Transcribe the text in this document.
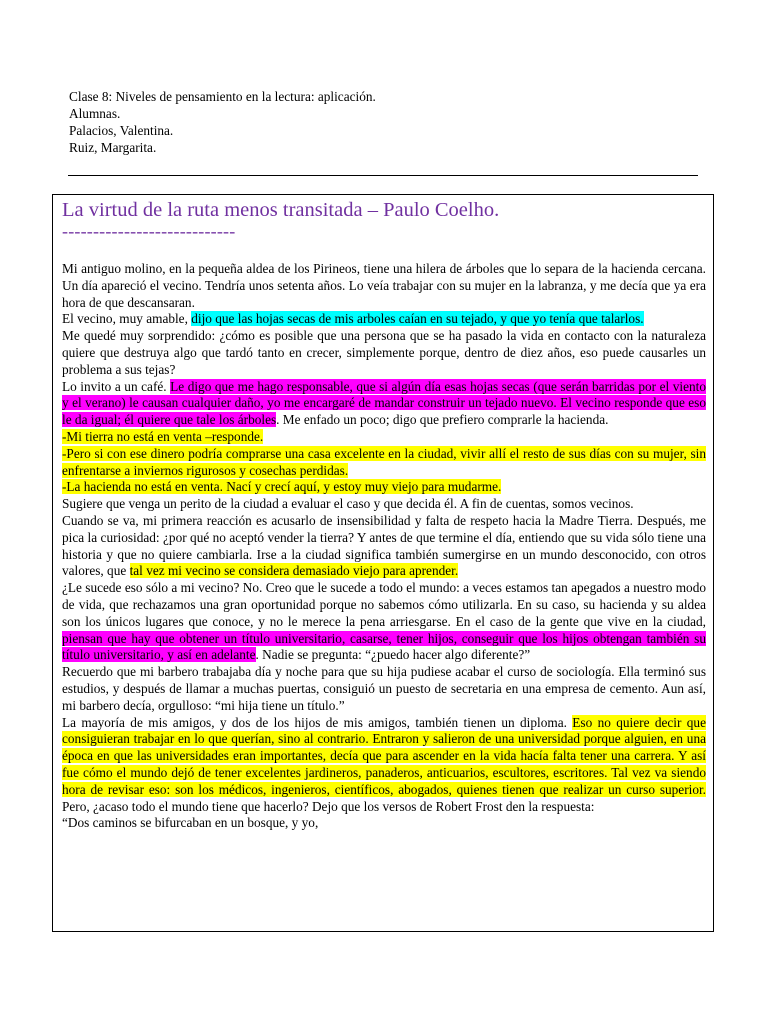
Clase 8: Niveles de pensamiento en la lectura: aplicación.
Alumnas.
Palacios, Valentina.
Ruiz, Margarita.
La virtud de la ruta menos transitada – Paulo Coelho.
----------------------------

Mi antiguo molino, en la pequeña aldea de los Pirineos, tiene una hilera de árboles que lo separa de la hacienda cercana. Un día apareció el vecino. Tendría unos setenta años. Lo veía trabajar con su mujer en la labranza, y me decía que ya era hora de que descansaran.

El vecino, muy amable, dijo que las hojas secas de mis arboles caían en su tejado, y que yo tenía que talarlos.

Me quedé muy sorprendido: ¿cómo es posible que una persona que se ha pasado la vida en contacto con la naturaleza quiere que destruya algo que tardó tanto en crecer, simplemente porque, dentro de diez años, eso puede causarles un problema a sus tejas?

Lo invito a un café. Le digo que me hago responsable, que si algún día esas hojas secas (que serán barridas por el viento y el verano) le causan cualquier daño, yo me encargaré de mandar construir un tejado nuevo. El vecino responde que eso le da igual; él quiere que tale los árboles. Me enfado un poco; digo que prefiero comprarle la hacienda.

-Mi tierra no está en venta –responde.

-Pero si con ese dinero podría comprarse una casa excelente en la ciudad, vivir allí el resto de sus días con su mujer, sin enfrentarse a inviernos rigurosos y cosechas perdidas.

-La hacienda no está en venta. Nací y crecí aquí, y estoy muy viejo para mudarme.

Sugiere que venga un perito de la ciudad a evaluar el caso y que decida él. A fin de cuentas, somos vecinos.

Cuando se va, mi primera reacción es acusarlo de insensibilidad y falta de respeto hacia la Madre Tierra. Después, me pica la curiosidad: ¿por qué no aceptó vender la tierra? Y antes de que termine el día, entiendo que su vida sólo tiene una historia y que no quiere cambiarla. Irse a la ciudad significa también sumergirse en un mundo desconocido, con otros valores, que tal vez mi vecino se considera demasiado viejo para aprender.

¿Le sucede eso sólo a mi vecino? No. Creo que le sucede a todo el mundo: a veces estamos tan apegados a nuestro modo de vida, que rechazamos una gran oportunidad porque no sabemos cómo utilizarla. En su caso, su hacienda y su aldea son los únicos lugares que conoce, y no le merece la pena arriesgarse. En el caso de la gente que vive en la ciudad, piensan que hay que obtener un título universitario, casarse, tener hijos, conseguir que los hijos obtengan también su título universitario, y así en adelante. Nadie se pregunta: “¿puedo hacer algo diferente?”

Recuerdo que mi barbero trabajaba día y noche para que su hija pudiese acabar el curso de sociología. Ella terminó sus estudios, y después de llamar a muchas puertas, consiguió un puesto de secretaria en una empresa de cemento. Aun así, mi barbero decía, orgulloso: “mi hija tiene un título.”

La mayoría de mis amigos, y dos de los hijos de mis amigos, también tienen un diploma. Eso no quiere decir que consiguieran trabajar en lo que querían, sino al contrario. Entraron y salieron de una universidad porque alguien, en una época en que las universidades eran importantes, decía que para ascender en la vida hacía falta tener una carrera. Y así fue cómo el mundo dejó de tener excelentes jardineros, panaderos, anticuarios, escultores, escritores. Tal vez va siendo hora de revisar eso: son los médicos, ingenieros, científicos, abogados, quienes tienen que realizar un curso superior. Pero, ¿acaso todo el mundo tiene que hacerlo? Dejo que los versos de Robert Frost den la respuesta:

“Dos caminos se bifurcaban en un bosque, y yo,
